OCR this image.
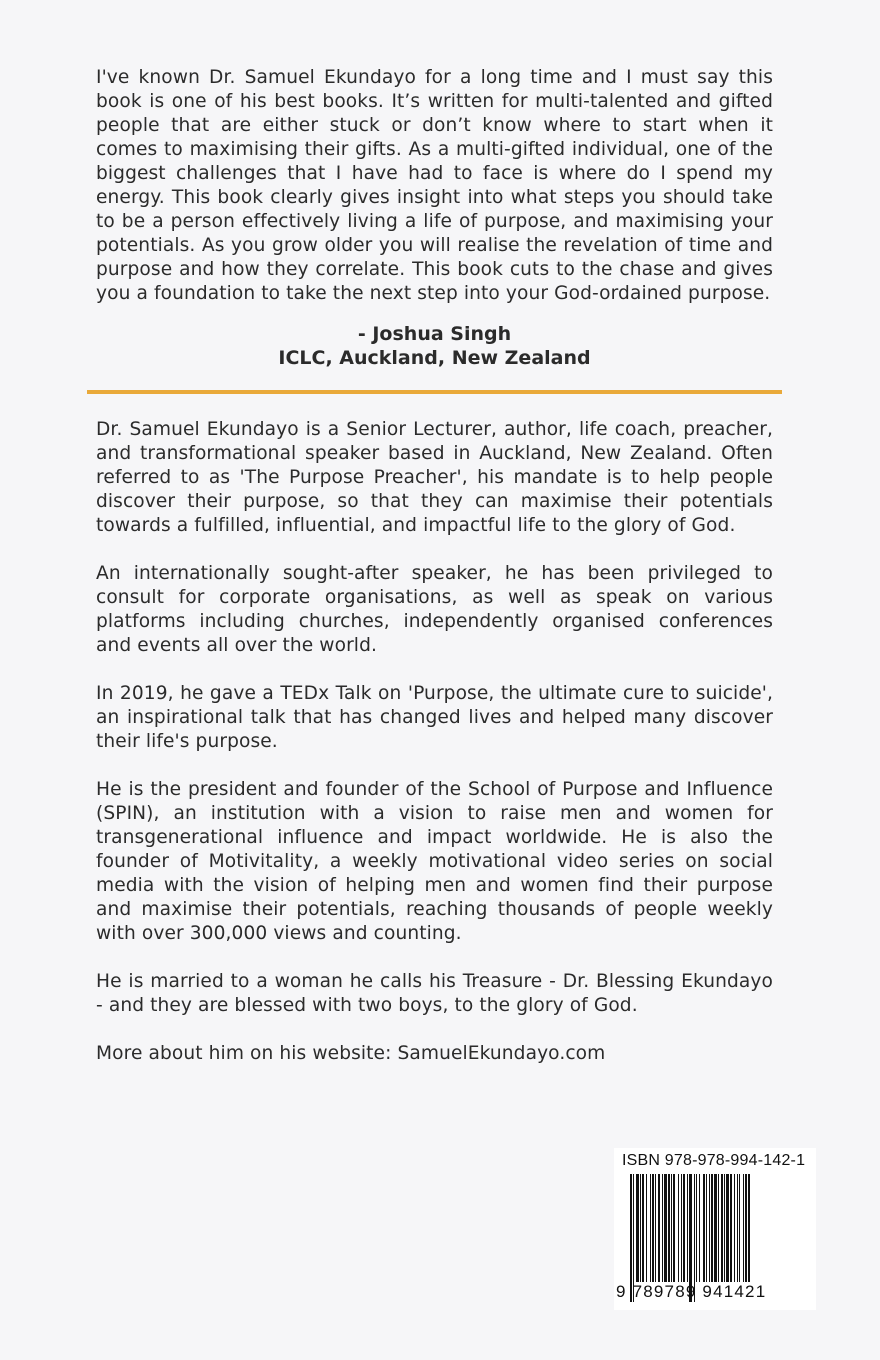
I've known Dr. Samuel Ekundayo for a long time and I must say this book is one of his best books. It’s written for multi-talented and gifted people that are either stuck or don’t know where to start when it comes to maximising their gifts. As a multi-gifted individual, one of the biggest challenges that I have had to face is where do I spend my energy. This book clearly gives insight into what steps you should take to be a person effectively living a life of purpose, and maximising your potentials. As you grow older you will realise the revelation of time and purpose and how they correlate. This book cuts to the chase and gives you a foundation to take the next step into your God-ordained purpose.

- Joshua Singh
ICLC, Auckland, New Zealand

Dr. Samuel Ekundayo is a Senior Lecturer, author, life coach, preacher, and transformational speaker based in Auckland, New Zealand. Often referred to as 'The Purpose Preacher', his mandate is to help people discover their purpose, so that they can maximise their potentials towards a fulfilled, influential, and impactful life to the glory of God.

An internationally sought-after speaker, he has been privileged to consult for corporate organisations, as well as speak on various platforms including churches, independently organised conferences and events all over the world.

In 2019, he gave a TEDx Talk on 'Purpose, the ultimate cure to suicide', an inspirational talk that has changed lives and helped many discover their life's purpose.

He is the president and founder of the School of Purpose and Influence (SPIN), an institution with a vision to raise men and women for transgenerational influence and impact worldwide. He is also the founder of Motivitality, a weekly motivational video series on social media with the vision of helping men and women find their purpose and maximise their potentials, reaching thousands of people weekly with over 300,000 views and counting.

He is married to a woman he calls his Treasure - Dr. Blessing Ekundayo - and they are blessed with two boys, to the glory of God.

More about him on his website: SamuelEkundayo.com

ISBN 978-978-994-142-1
9 789789 941421
